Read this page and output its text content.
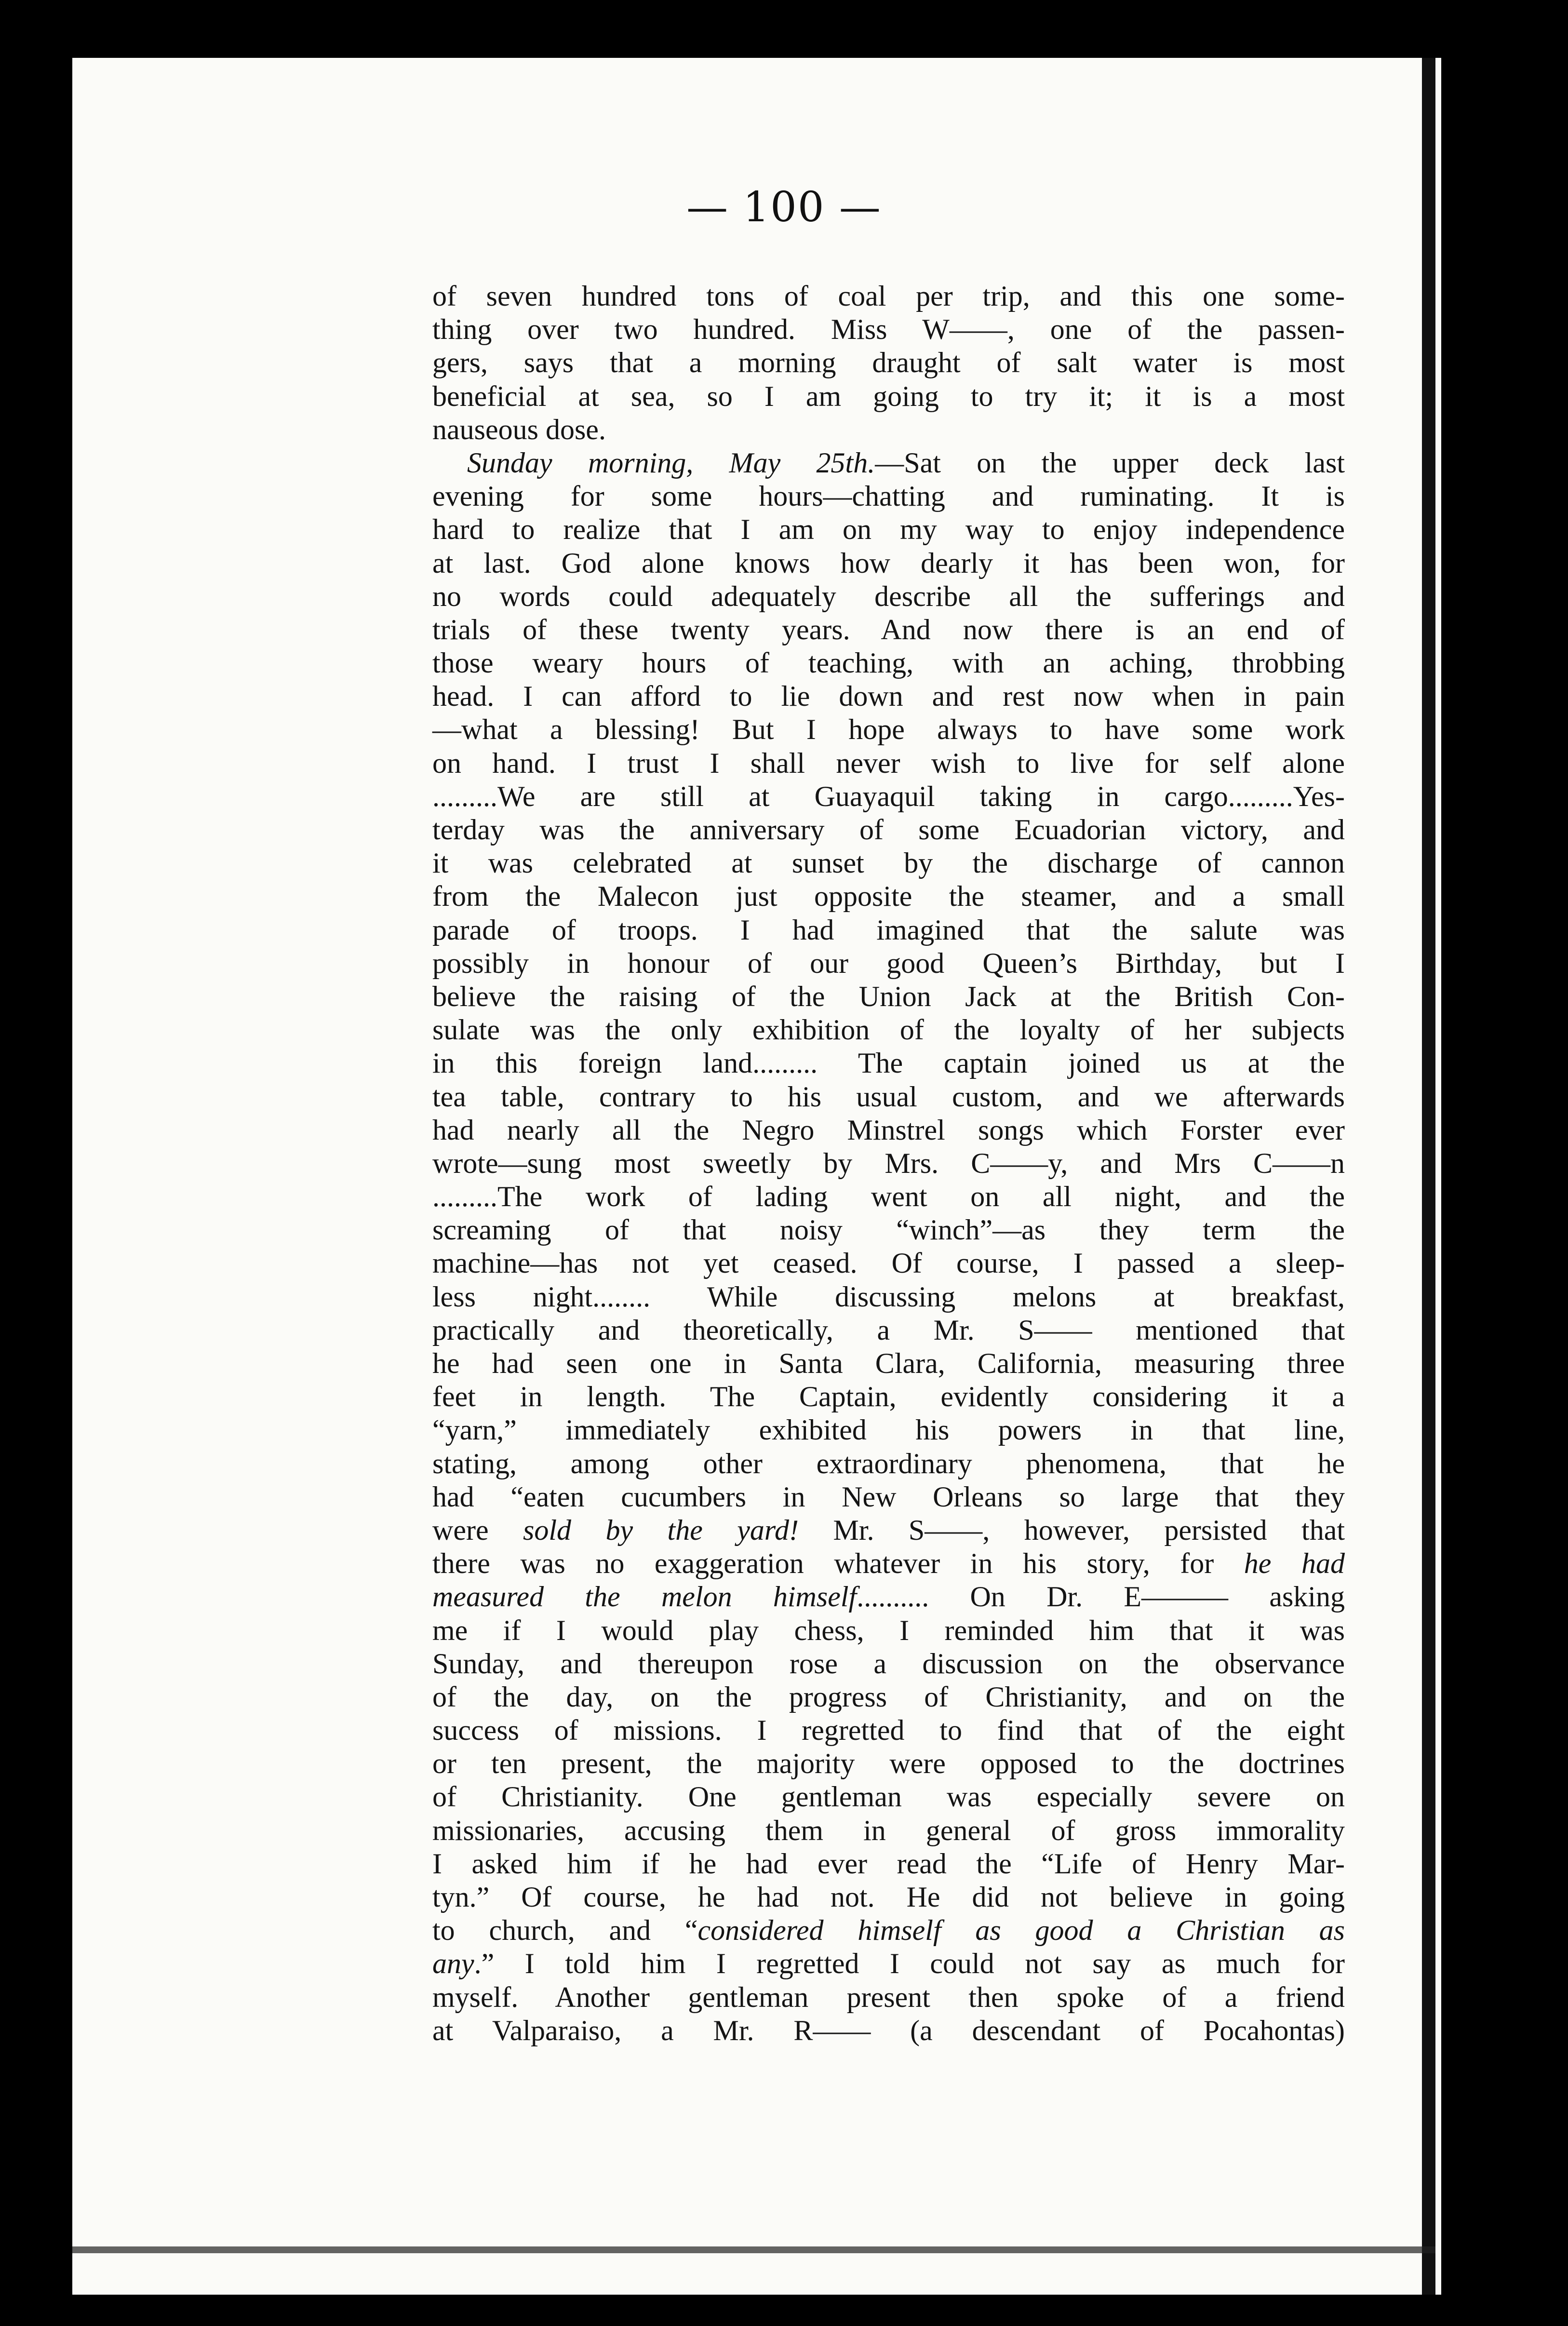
— 100 —
of seven hundred tons of coal per trip, and this one some-
thing over two hundred. Miss W——, one of the passen-
gers, says that a morning draught of salt water is most
beneficial at sea, so I am going to try it; it is a most
nauseous dose.
Sunday morning, May 25th.—Sat on the upper deck last
evening for some hours—chatting and ruminating. It is
hard to realize that I am on my way to enjoy independence
at last. God alone knows how dearly it has been won, for
no words could adequately describe all the sufferings and
trials of these twenty years. And now there is an end of
those weary hours of teaching, with an aching, throbbing
head. I can afford to lie down and rest now when in pain
—what a blessing! But I hope always to have some work
on hand. I trust I shall never wish to live for self alone
.........We are still at Guayaquil taking in cargo.........Yes-
terday was the anniversary of some Ecuadorian victory, and
it was celebrated at sunset by the discharge of cannon
from the Malecon just opposite the steamer, and a small
parade of troops. I had imagined that the salute was
possibly in honour of our good Queen’s Birthday, but I
believe the raising of the Union Jack at the British Con-
sulate was the only exhibition of the loyalty of her subjects
in this foreign land......... The captain joined us at the
tea table, contrary to his usual custom, and we afterwards
had nearly all the Negro Minstrel songs which Forster ever
wrote—sung most sweetly by Mrs. C——y, and Mrs C——n
.........The work of lading went on all night, and the
screaming of that noisy “winch”—as they term the
machine—has not yet ceased. Of course, I passed a sleep-
less night........ While discussing melons at breakfast,
practically and theoretically, a Mr. S—— mentioned that
he had seen one in Santa Clara, California, measuring three
feet in length. The Captain, evidently considering it a
“yarn,” immediately exhibited his powers in that line,
stating, among other extraordinary phenomena, that he
had “eaten cucumbers in New Orleans so large that they
were sold by the yard! Mr. S——, however, persisted that
there was no exaggeration whatever in his story, for he had
measured the melon himself.......... On Dr. E——— asking
me if I would play chess, I reminded him that it was
Sunday, and thereupon rose a discussion on the observance
of the day, on the progress of Christianity, and on the
success of missions. I regretted to find that of the eight
or ten present, the majority were opposed to the doctrines
of Christianity. One gentleman was especially severe on
missionaries, accusing them in general of gross immorality
I asked him if he had ever read the “Life of Henry Mar-
tyn.” Of course, he had not. He did not believe in going
to church, and “considered himself as good a Christian as
any.” I told him I regretted I could not say as much for
myself. Another gentleman present then spoke of a friend
at Valparaiso, a Mr. R—— (a descendant of Pocahontas)
